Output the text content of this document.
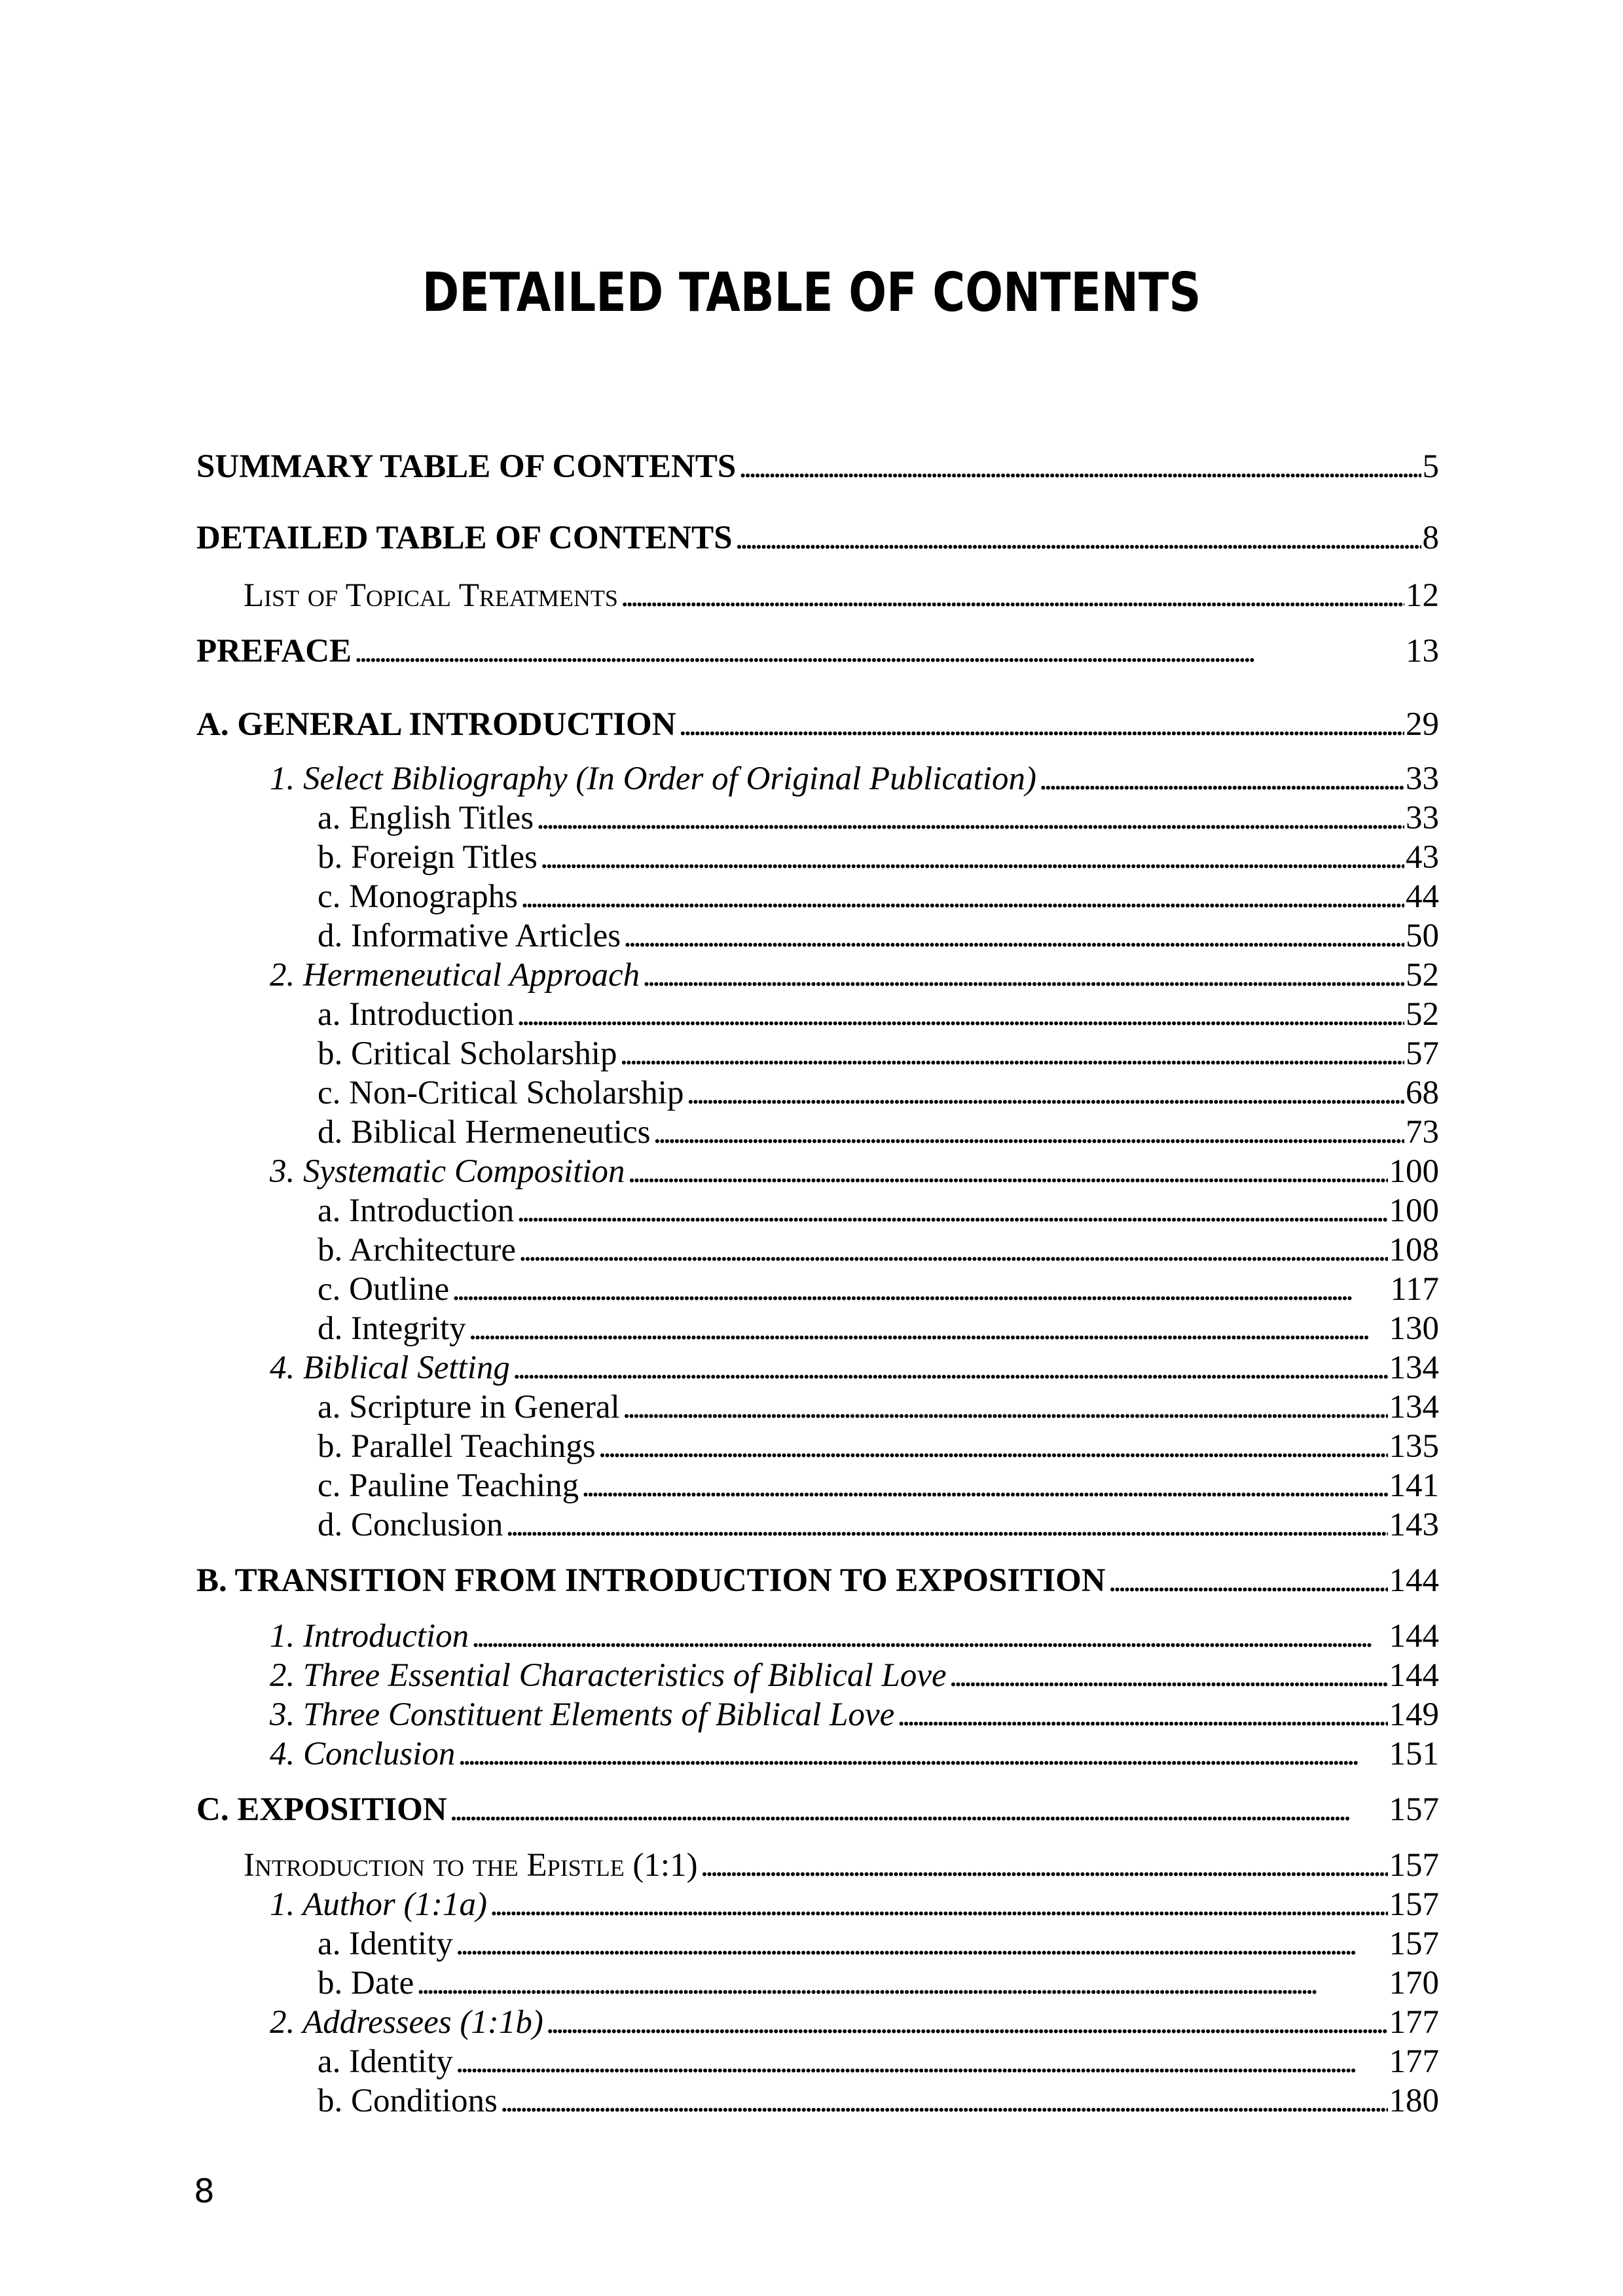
DETAILED TABLE OF CONTENTS
SUMMARY TABLE OF CONTENTS . . .	5
DETAILED TABLE OF CONTENTS . . .	8
List of Topical Treatments . . .	12
PREFACE . . .	13
A. GENERAL INTRODUCTION . . .	29
1. Select Bibliography (In Order of Original Publication) . . .	33
a. English Titles . . .	33
b. Foreign Titles . . .	43
c. Monographs . . .	44
d. Informative Articles . . .	50
2. Hermeneutical Approach . . .	52
a. Introduction . . .	52
b. Critical Scholarship . . .	57
c. Non-Critical Scholarship . . .	68
d. Biblical Hermeneutics . . .	73
3. Systematic Composition . . .	100
a. Introduction . . .	100
b. Architecture . . .	108
c. Outline . . .	117
d. Integrity . . .	130
4. Biblical Setting . . .	134
a. Scripture in General . . .	134
b. Parallel Teachings . . .	135
c. Pauline Teaching . . .	141
d. Conclusion . . .	143
B. TRANSITION FROM INTRODUCTION TO EXPOSITION . . .	144
1. Introduction . . .	144
2. Three Essential Characteristics of Biblical Love . . .	144
3. Three Constituent Elements of Biblical Love . . .	149
4. Conclusion . . .	151
C. EXPOSITION . . .	157
Introduction to the Epistle (1:1) . . .	157
1. Author (1:1a) . . .	157
a. Identity . . .	157
b. Date . . .	170
2. Addressees (1:1b) . . .	177
a. Identity . . .	177
b. Conditions . . .	180
8
